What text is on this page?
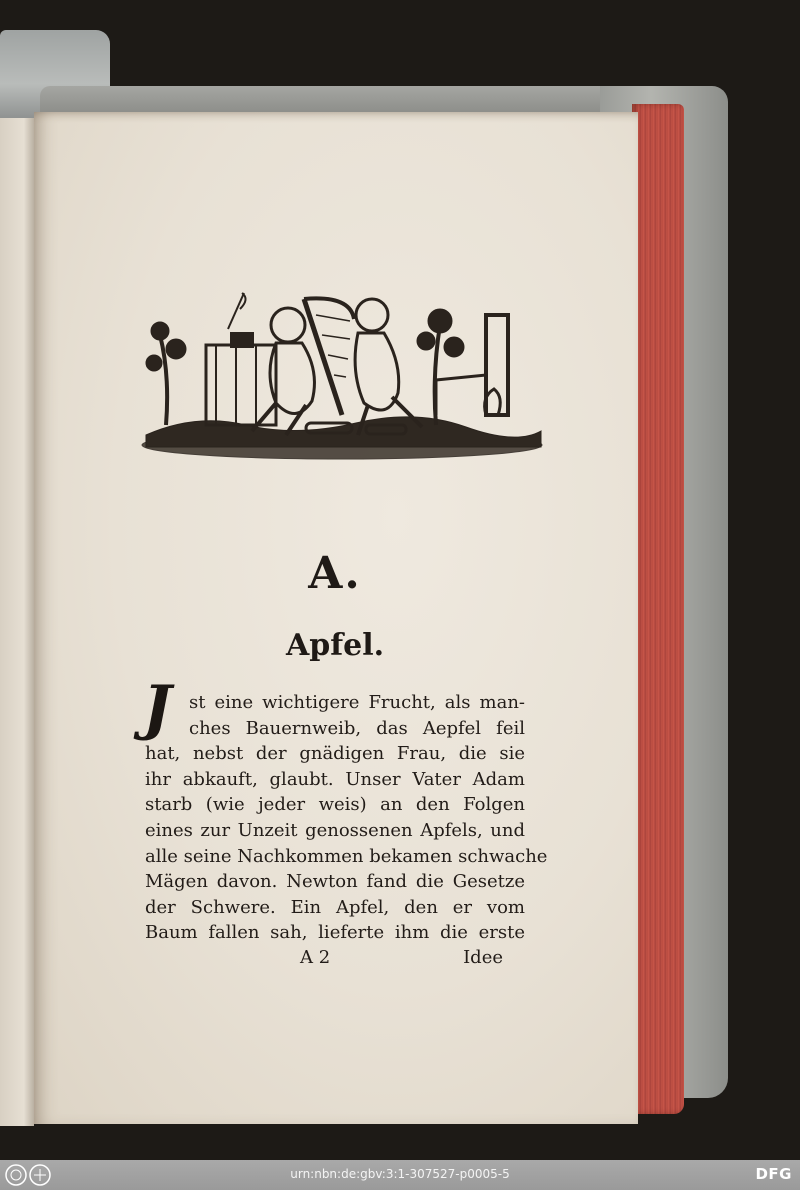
A.
Apfel.
J st eine wichtigere Frucht, als man-
ches Bauernweib, das Aepfel feil
hat, nebst der gnädigen Frau, die sie
ihr abkauft, glaubt. Unser Vater Adam
starb (wie jeder weis) an den Folgen
eines zur Unzeit genossenen Apfels, und
alle seine Nachkommen bekamen schwache
Mägen davon. Newton fand die Gesetze
der Schwere. Ein Apfel, den er vom
Baum fallen sah, lieferte ihm die erste
A 2	Idee
urn:nbn:de:gbv:3:1-307527-p0005-5	DFG
